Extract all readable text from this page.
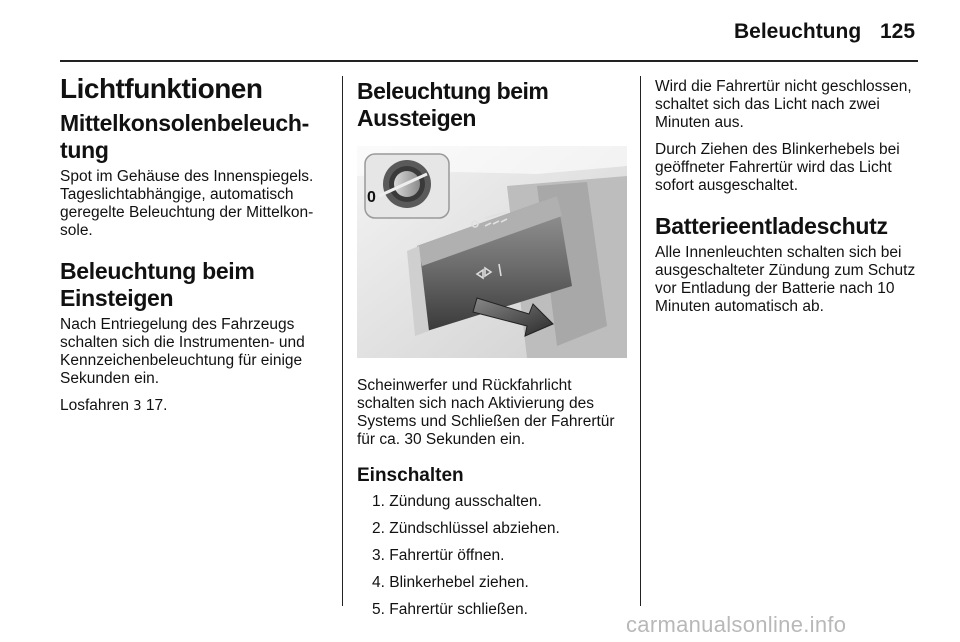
Beleuchtung 125
Lichtfunktionen
Mittelkonsolenbeleuch-
tung

Spot im Gehäuse des Innenspiegels. Tageslichtabhängige, automatisch geregelte Beleuchtung der Mittelkon-sole.

Beleuchtung beim Einsteigen

Nach Entriegelung des Fahrzeugs schalten sich die Instrumenten- und Kennzeichenbeleuchtung für einige Sekunden ein.

Losfahren 3 17.

Beleuchtung beim Aussteigen
0

Scheinwerfer und Rückfahrlicht schalten sich nach Aktivierung des Systems und Schließen der Fahrertür für ca. 30 Sekunden ein.

Einschalten
1. Zündung ausschalten.
2. Zündschlüssel abziehen.
3. Fahrertür öffnen.
4. Blinkerhebel ziehen.
5. Fahrertür schließen.

Wird die Fahrertür nicht geschlossen, schaltet sich das Licht nach zwei Minuten aus.

Durch Ziehen des Blinkerhebels bei geöffneter Fahrertür wird das Licht sofort ausgeschaltet.

Batterieentladeschutz

Alle Innenleuchten schalten sich bei ausgeschalteter Zündung zum Schutz vor Entladung der Batterie nach 10 Minuten automatisch ab.

carmanualsonline.info
